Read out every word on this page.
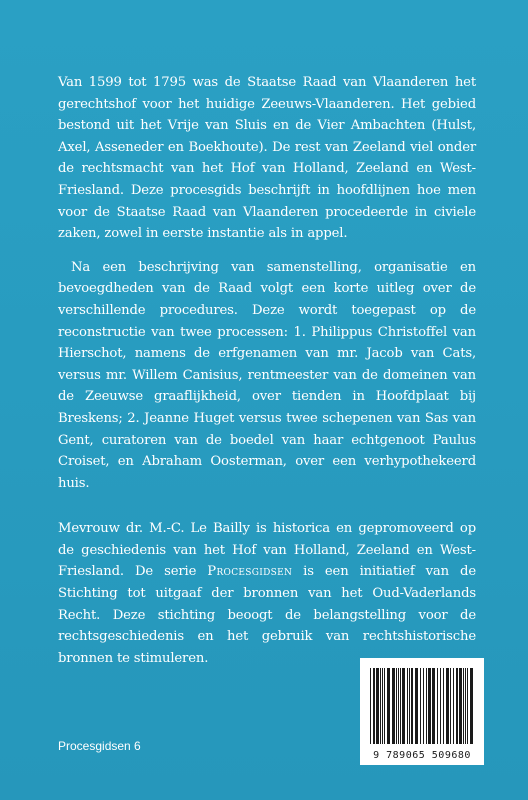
Van 1599 tot 1795 was de Staatse Raad van Vlaanderen het gerechtshof voor het huidige Zeeuws-Vlaanderen. Het gebied bestond uit het Vrije van Sluis en de Vier Ambachten (Hulst, Axel, Asseneder en Boekhoute). De rest van Zeeland viel onder de rechtsmacht van het Hof van Holland, Zeeland en West-Friesland. Deze procesgids beschrijft in hoofdlijnen hoe men voor de Staatse Raad van Vlaanderen procedeerde in civiele zaken, zowel in eerste instantie als in appel.

Na een beschrijving van samenstelling, organisatie en bevoegdheden van de Raad volgt een korte uitleg over de verschillende procedures. Deze wordt toegepast op de reconstructie van twee processen: 1. Philippus Christoffel van Hierschot, namens de erfgenamen van mr. Jacob van Cats, versus mr. Willem Canisius, rentmeester van de domeinen van de Zeeuwse graaflijkheid, over tienden in Hoofdplaat bij Breskens; 2. Jeanne Huget versus twee schepenen van Sas van Gent, curatoren van de boedel van haar echtgenoot Paulus Croiset, en Abraham Oosterman, over een verhypothekeerd huis.

Mevrouw dr. M.-C. Le Bailly is historica en gepromoveerd op de geschiedenis van het Hof van Holland, Zeeland en West-Friesland. De serie Procesgidsen is een initiatief van de Stichting tot uitgaaf der bronnen van het Oud-Vaderlands Recht. Deze stichting beoogt de belangstelling voor de rechtsgeschiedenis en het gebruik van rechtshistorische bronnen te stimuleren.

Procesgidsen 6
9 789065 509680
